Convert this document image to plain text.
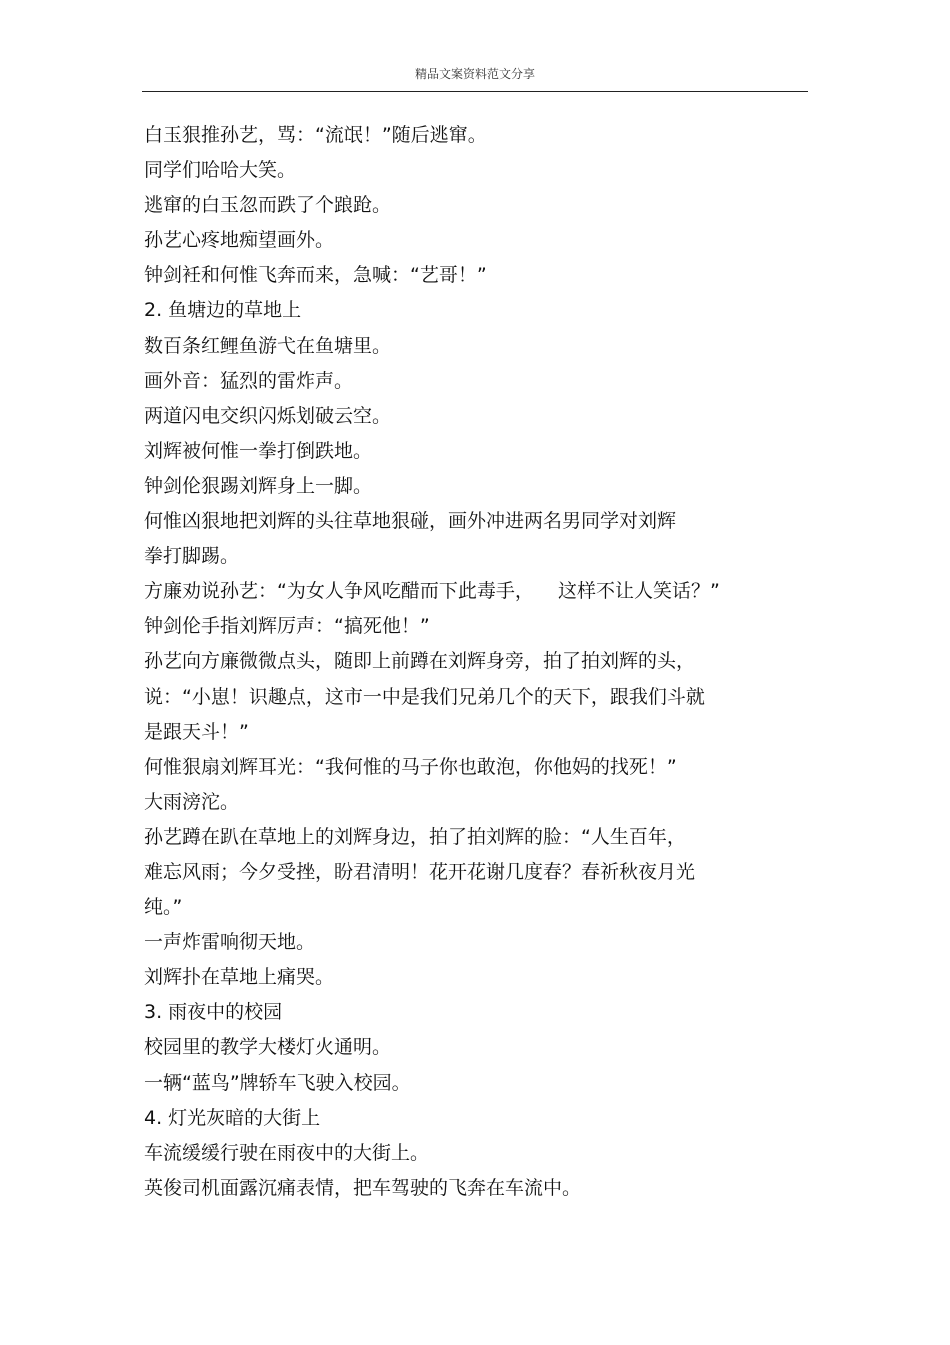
精品文案资料范文分享
白玉狠推孙艺，骂：“流氓！”随后逃窜。
同学们哈哈大笑。
逃窜的白玉忽而跌了个踉跄。
孙艺心疼地痴望画外。
钟剑衽和何惟飞奔而来，急喊：“艺哥！”
2. 鱼塘边的草地上
数百条红鲤鱼游弋在鱼塘里。
画外音：猛烈的雷炸声。
两道闪电交织闪烁划破云空。
刘辉被何惟一拳打倒跌地。
钟剑伦狠踢刘辉身上一脚。
何惟凶狠地把刘辉的头往草地狠碰，画外冲进两名男同学对刘辉
拳打脚踢。
方廉劝说孙艺：“为女人争风吃醋而下此毒手，    这样不让人笑话？”
钟剑伦手指刘辉厉声：“搞死他！”
孙艺向方廉微微点头，随即上前蹲在刘辉身旁，拍了拍刘辉的头，
说：“小崽！识趣点，这市一中是我们兄弟几个的天下，跟我们斗就
是跟天斗！”
何惟狠扇刘辉耳光：“我何惟的马子你也敢泡，你他妈的找死！”
大雨滂沱。
孙艺蹲在趴在草地上的刘辉身边，拍了拍刘辉的脸：“人生百年，
难忘风雨；今夕受挫，盼君清明！花开花谢几度春？春祈秋夜月光
纯。”
一声炸雷响彻天地。
刘辉扑在草地上痛哭。
3. 雨夜中的校园
校园里的教学大楼灯火通明。
一辆“蓝鸟”牌轿车飞驶入校园。
4. 灯光灰暗的大街上
车流缓缓行驶在雨夜中的大街上。
英俊司机面露沉痛表情，把车驾驶的飞奔在车流中。
